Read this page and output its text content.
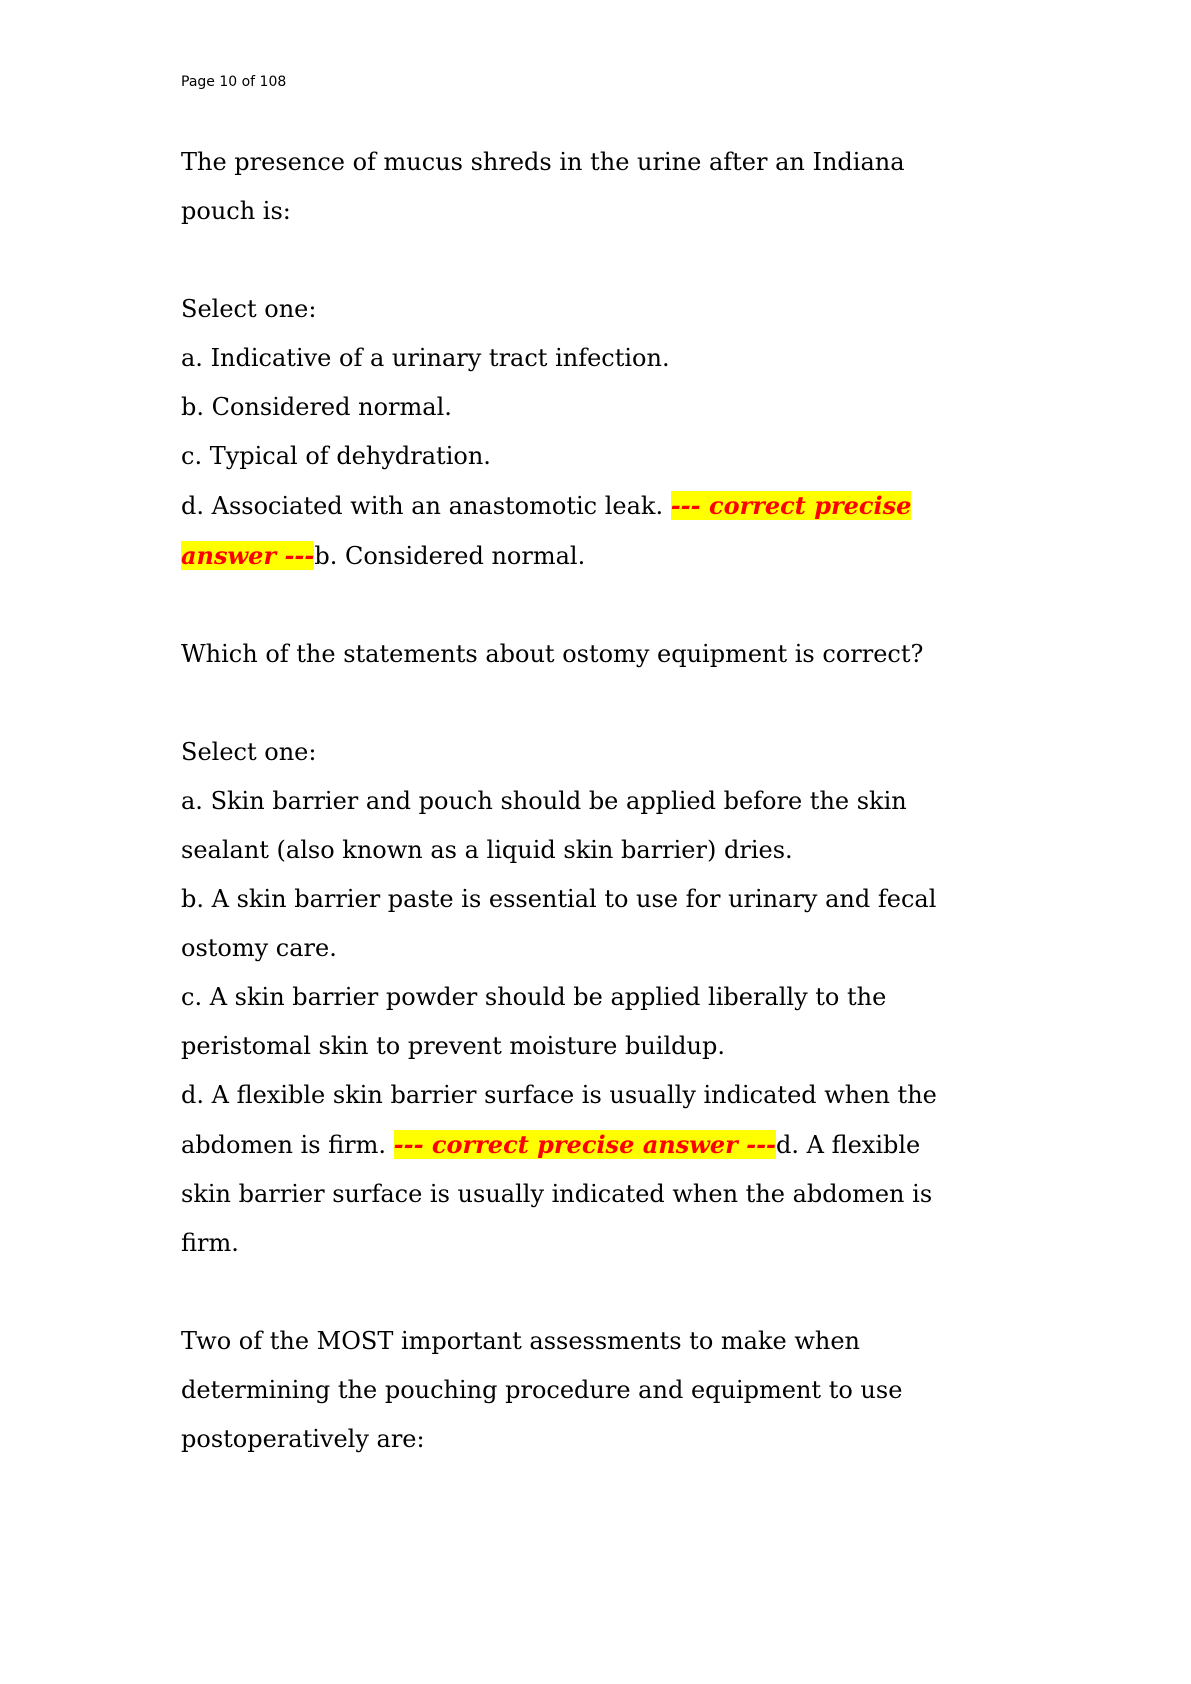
Page 10 of 108
The presence of mucus shreds in the urine after an Indiana
pouch is:
Select one:
a. Indicative of a urinary tract infection.
b. Considered normal.
c. Typical of dehydration.
d. Associated with an anastomotic leak. --- correct precise
answer ---b. Considered normal.
Which of the statements about ostomy equipment is correct?
Select one:
a. Skin barrier and pouch should be applied before the skin
sealant (also known as a liquid skin barrier) dries.
b. A skin barrier paste is essential to use for urinary and fecal
ostomy care.
c. A skin barrier powder should be applied liberally to the
peristomal skin to prevent moisture buildup.
d. A flexible skin barrier surface is usually indicated when the
abdomen is firm. --- correct precise answer ---d. A flexible
skin barrier surface is usually indicated when the abdomen is
firm.
Two of the MOST important assessments to make when
determining the pouching procedure and equipment to use
postoperatively are:
